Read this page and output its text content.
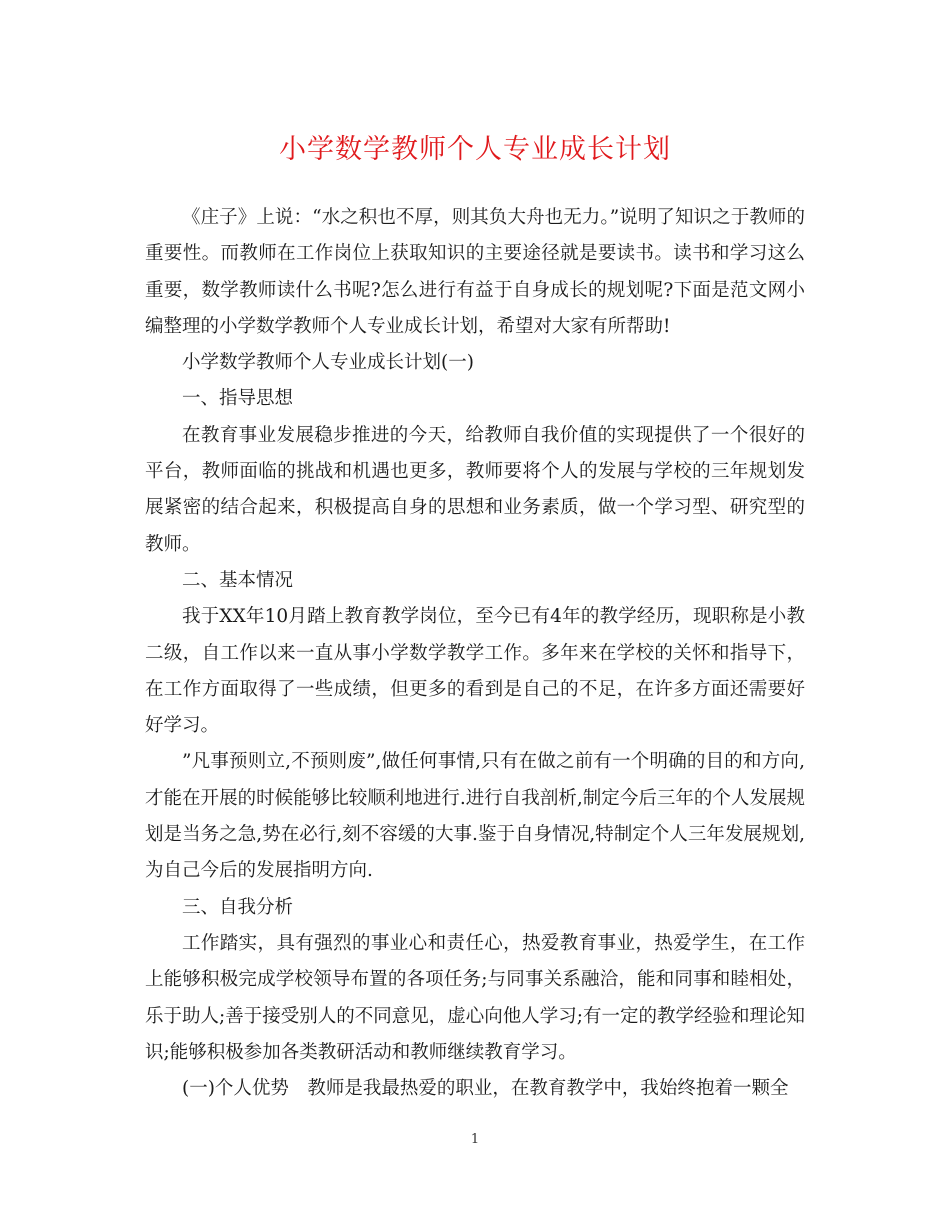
小学数学教师个人专业成长计划

《庄子》上说：“水之积也不厚，则其负大舟也无力。”说明了知识之于教师的重要性。而教师在工作岗位上获取知识的主要途径就是要读书。读书和学习这么重要，数学教师读什么书呢?怎么进行有益于自身成长的规划呢?下面是范文网小编整理的小学数学教师个人专业成长计划，希望对大家有所帮助!

小学数学教师个人专业成长计划(一)

一、指导思想

在教育事业发展稳步推进的今天，给教师自我价值的实现提供了一个很好的平台，教师面临的挑战和机遇也更多，教师要将个人的发展与学校的三年规划发展紧密的结合起来，积极提高自身的思想和业务素质，做一个学习型、研究型的教师。

二、基本情况

我于XX年10月踏上教育教学岗位，至今已有4年的教学经历，现职称是小教二级，自工作以来一直从事小学数学教学工作。多年来在学校的关怀和指导下，在工作方面取得了一些成绩，但更多的看到是自己的不足，在许多方面还需要好好学习。

”凡事预则立,不预则废”,做任何事情,只有在做之前有一个明确的目的和方向,才能在开展的时候能够比较顺利地进行.进行自我剖析,制定今后三年的个人发展规划是当务之急,势在必行,刻不容缓的大事.鉴于自身情况,特制定个人三年发展规划,为自己今后的发展指明方向.

三、自我分析

工作踏实，具有强烈的事业心和责任心，热爱教育事业，热爱学生，在工作上能够积极完成学校领导布置的各项任务;与同事关系融洽，能和同事和睦相处，乐于助人;善于接受别人的不同意见，虚心向他人学习;有一定的教学经验和理论知识;能够积极参加各类教研活动和教师继续教育学习。

(一)个人优势　教师是我最热爱的职业，在教育教学中，我始终抱着一颗全

1
